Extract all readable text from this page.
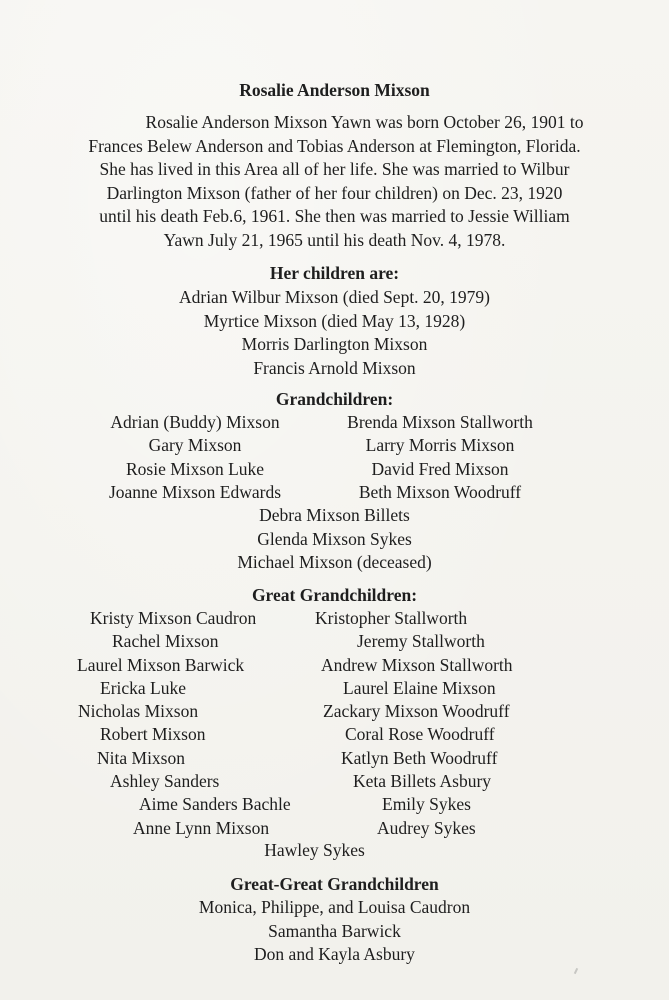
Rosalie Anderson Mixson
Rosalie Anderson Mixson Yawn was born October 26, 1901 to
Frances Belew Anderson and Tobias Anderson at Flemington, Florida.
She has lived in this Area all of her life. She was married to Wilbur
Darlington Mixson (father of her four children) on Dec. 23, 1920
until his death Feb.6, 1961. She then was married to Jessie William
Yawn July 21, 1965 until his death Nov. 4, 1978.
Her children are:
Adrian Wilbur Mixson (died Sept. 20, 1979)
Myrtice Mixson (died May 13, 1928)
Morris Darlington Mixson
Francis Arnold Mixson
Grandchildren:
Adrian (Buddy) Mixson
Gary Mixson
Rosie Mixson Luke
Joanne Mixson Edwards
Brenda Mixson Stallworth
Larry Morris Mixson
David Fred Mixson
Beth Mixson Woodruff
Debra Mixson Billets
Glenda Mixson Sykes
Michael Mixson (deceased)
Great Grandchildren:
Kristy Mixson Caudron
Rachel Mixson
Laurel Mixson Barwick
Ericka Luke
Nicholas Mixson
Robert Mixson
Nita Mixson
Ashley Sanders
Aime Sanders Bachle
Anne Lynn Mixson
Kristopher Stallworth
Jeremy Stallworth
Andrew Mixson Stallworth
Laurel Elaine Mixson
Zackary Mixson Woodruff
Coral Rose Woodruff
Katlyn Beth Woodruff
Keta Billets Asbury
Emily Sykes
Audrey Sykes
Hawley Sykes
Great-Great Grandchildren
Monica, Philippe, and Louisa Caudron
Samantha Barwick
Don and Kayla Asbury
